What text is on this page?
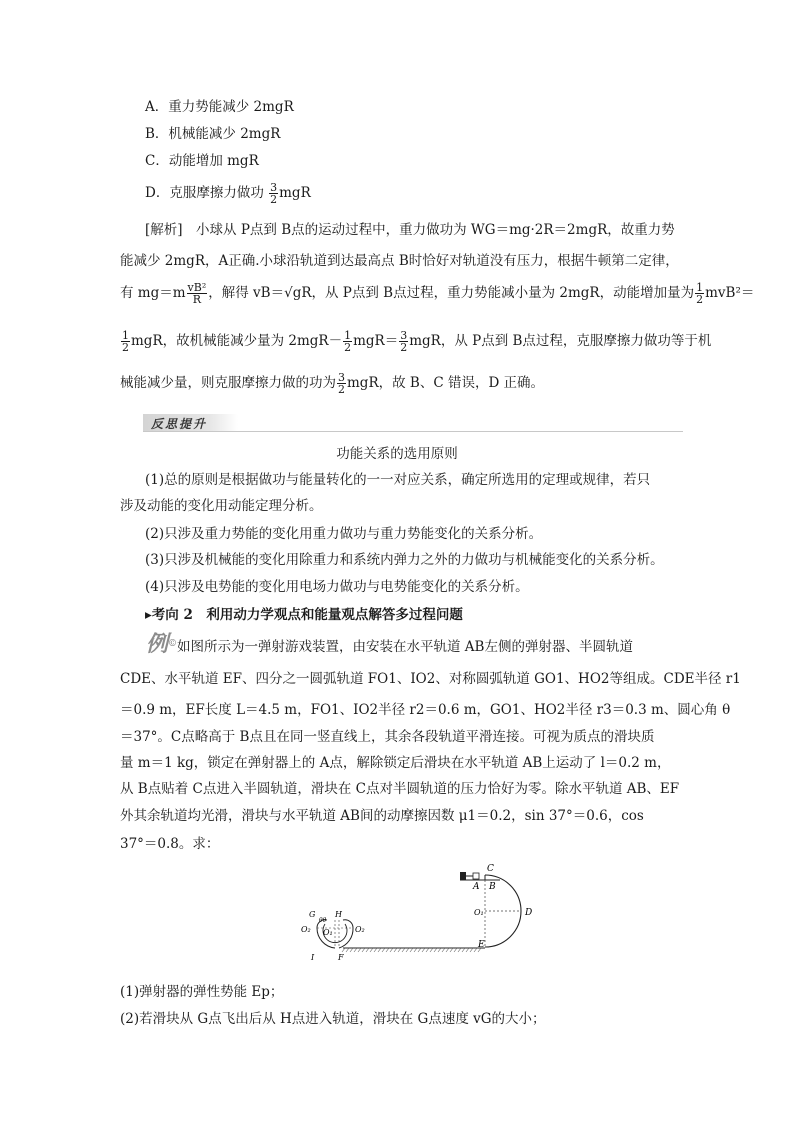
A．重力势能减少 2mgR
B．机械能减少 2mgR
C．动能增加 mgR
D．克服摩擦力做功 $\frac{3}{2}$ mgR
[解析]　小球从 P点到 B点的运动过程中，重力做功为 WG＝mg·2R＝2mgR，故重力势
能减少 2mgR，A正确.小球沿轨道到达最高点 B时恰好对轨道没有压力，根据牛顿第二定律，
有 $mg=m \frac{\text{vB²}}{R}$ ，解得 vB＝√gR，从 P点到 B点过程，重力势能减小量为 2mgR，动能增加量为 $\frac{1}{2} mvB^2=$
$\frac{1}{2}$ mgR，故机械能减少量为 $2mgR- \frac{1}{2} mgR= \frac{3}{2}$ mgR，从 P点到 B点过程，克服摩擦力做功等于机
械能减少量，则克服摩擦力做的功为 $\frac{3}{2}$ mgR，故 B、C 错误，D 正确。
反思提升
功能关系的选用原则
(1)总的原则是根据做功与能量转化的一一对应关系，确定所选用的定理或规律，若只
涉及动能的变化用动能定理分析。
(2)只涉及重力势能的变化用重力做功与重力势能变化的关系分析。
(3)只涉及机械能的变化用除重力和系统内弹力之外的力做功与机械能变化的关系分析。
(4)只涉及电势能的变化用电场力做功与电势能变化的关系分析。
▸考向 2　利用动力学观点和能量观点解答多过程问题
例©如图所示为一弹射游戏装置，由安装在水平轨道 AB左侧的弹射器、半圆轨道
CDE、水平轨道 EF、四分之一圆弧轨道 FO1、IO2、对称圆弧轨道 GO1、HO2等组成。CDE半径 r1
＝0.9 m，EF长度 L＝4.5 m，FO1、IO2半径 r2＝0.6 m，GO1、HO2半径 r3＝0.3 m、圆心角 θ
＝37°。C点略高于 B点且在同一竖直线上，其余各段轨道平滑连接。可视为质点的滑块质
量 m＝1 kg，锁定在弹射器上的 A点，解除锁定后滑块在水平轨道 AB上运动了 l＝0.2 m，
从 B点贴着 C点进入半圆轨道，滑块在 C点对半圆轨道的压力恰好为零。除水平轨道 AB、EF
外其余轨道均光滑，滑块与水平轨道 AB间的动摩擦因数 μ1＝0.2，sin 37°＝0.6，cos
37°＝0.8。求：
C
A B
O₁	D
E
G H
θθ
O₂ O₁	O₂
I	F
(1)弹射器的弹性势能 Ep；
(2)若滑块从 G点飞出后从 H点进入轨道，滑块在 G点速度 vG的大小；
